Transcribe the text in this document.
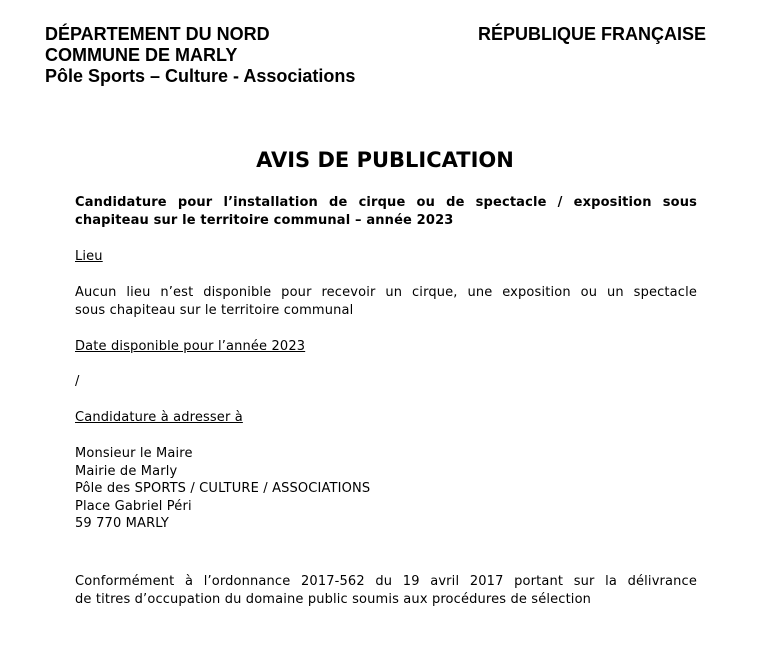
DÉPARTEMENT DU NORD
COMMUNE DE MARLY
Pôle Sports – Culture - Associations
RÉPUBLIQUE FRANÇAISE
AVIS DE PUBLICATION
Candidature pour l’installation de cirque ou de spectacle / exposition sous
chapiteau sur le territoire communal – année 2023
Lieu
Aucun lieu n’est disponible pour recevoir un cirque, une exposition ou un spectacle
sous chapiteau sur le territoire communal
Date disponible pour l’année 2023
/
Candidature à adresser à
Monsieur le Maire
Mairie de Marly
Pôle des SPORTS / CULTURE / ASSOCIATIONS
Place Gabriel Péri
59 770 MARLY
Conformément à l’ordonnance 2017-562 du 19 avril 2017 portant sur la délivrance
de titres d’occupation du domaine public soumis aux procédures de sélection
